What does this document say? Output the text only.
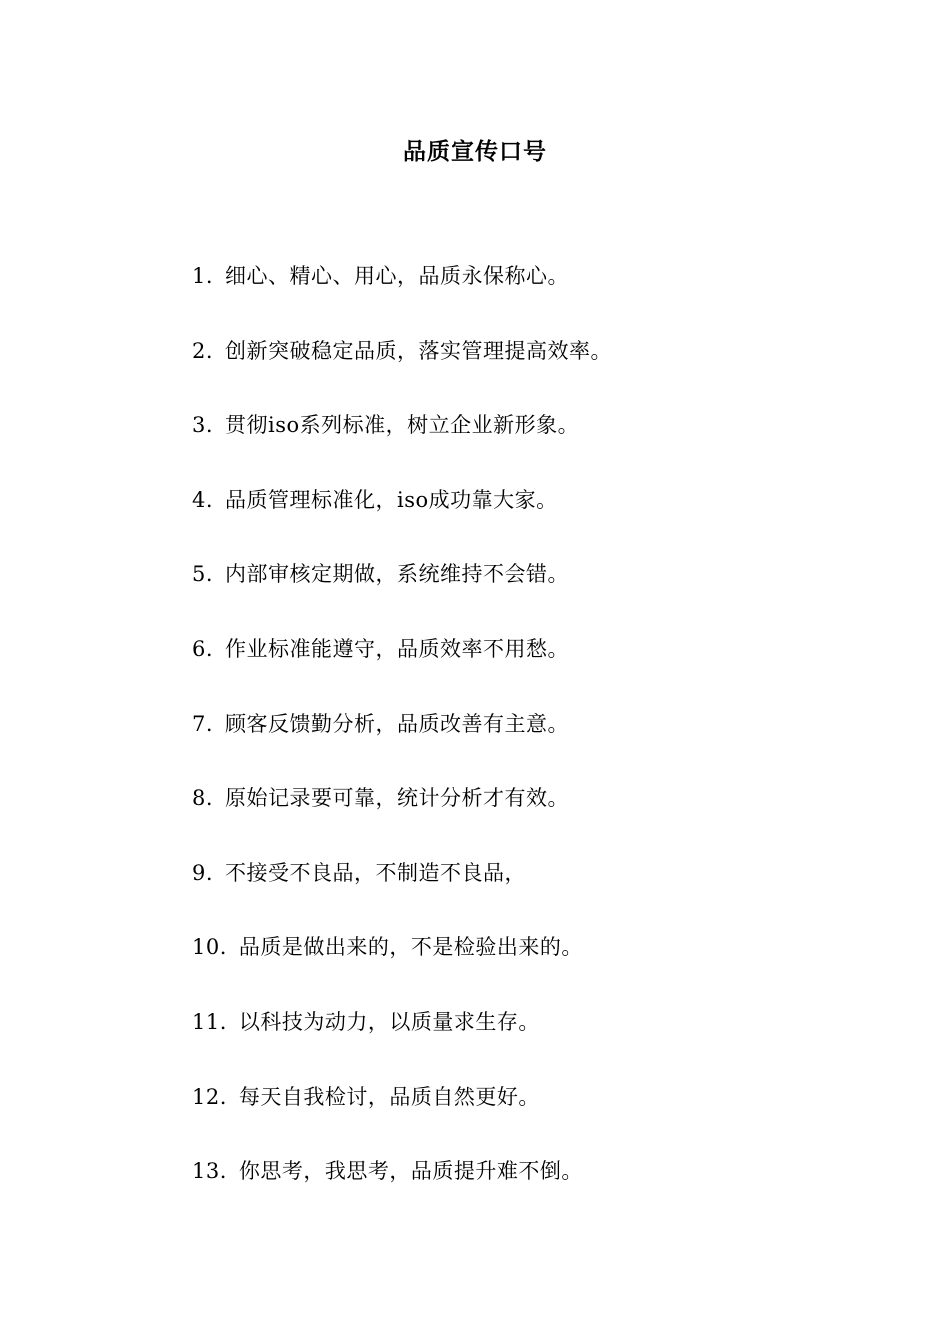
品质宣传口号
1. 细心、精心、用心，品质永保称心。
2. 创新突破稳定品质，落实管理提高效率。
3. 贯彻iso系列标准，树立企业新形象。
4. 品质管理标准化，iso成功靠大家。
5. 内部审核定期做，系统维持不会错。
6. 作业标准能遵守，品质效率不用愁。
7. 顾客反馈勤分析，品质改善有主意。
8. 原始记录要可靠，统计分析才有效。
9. 不接受不良品，不制造不良品，
10. 品质是做出来的，不是检验出来的。
11. 以科技为动力，以质量求生存。
12. 每天自我检讨，品质自然更好。
13. 你思考，我思考，品质提升难不倒。
